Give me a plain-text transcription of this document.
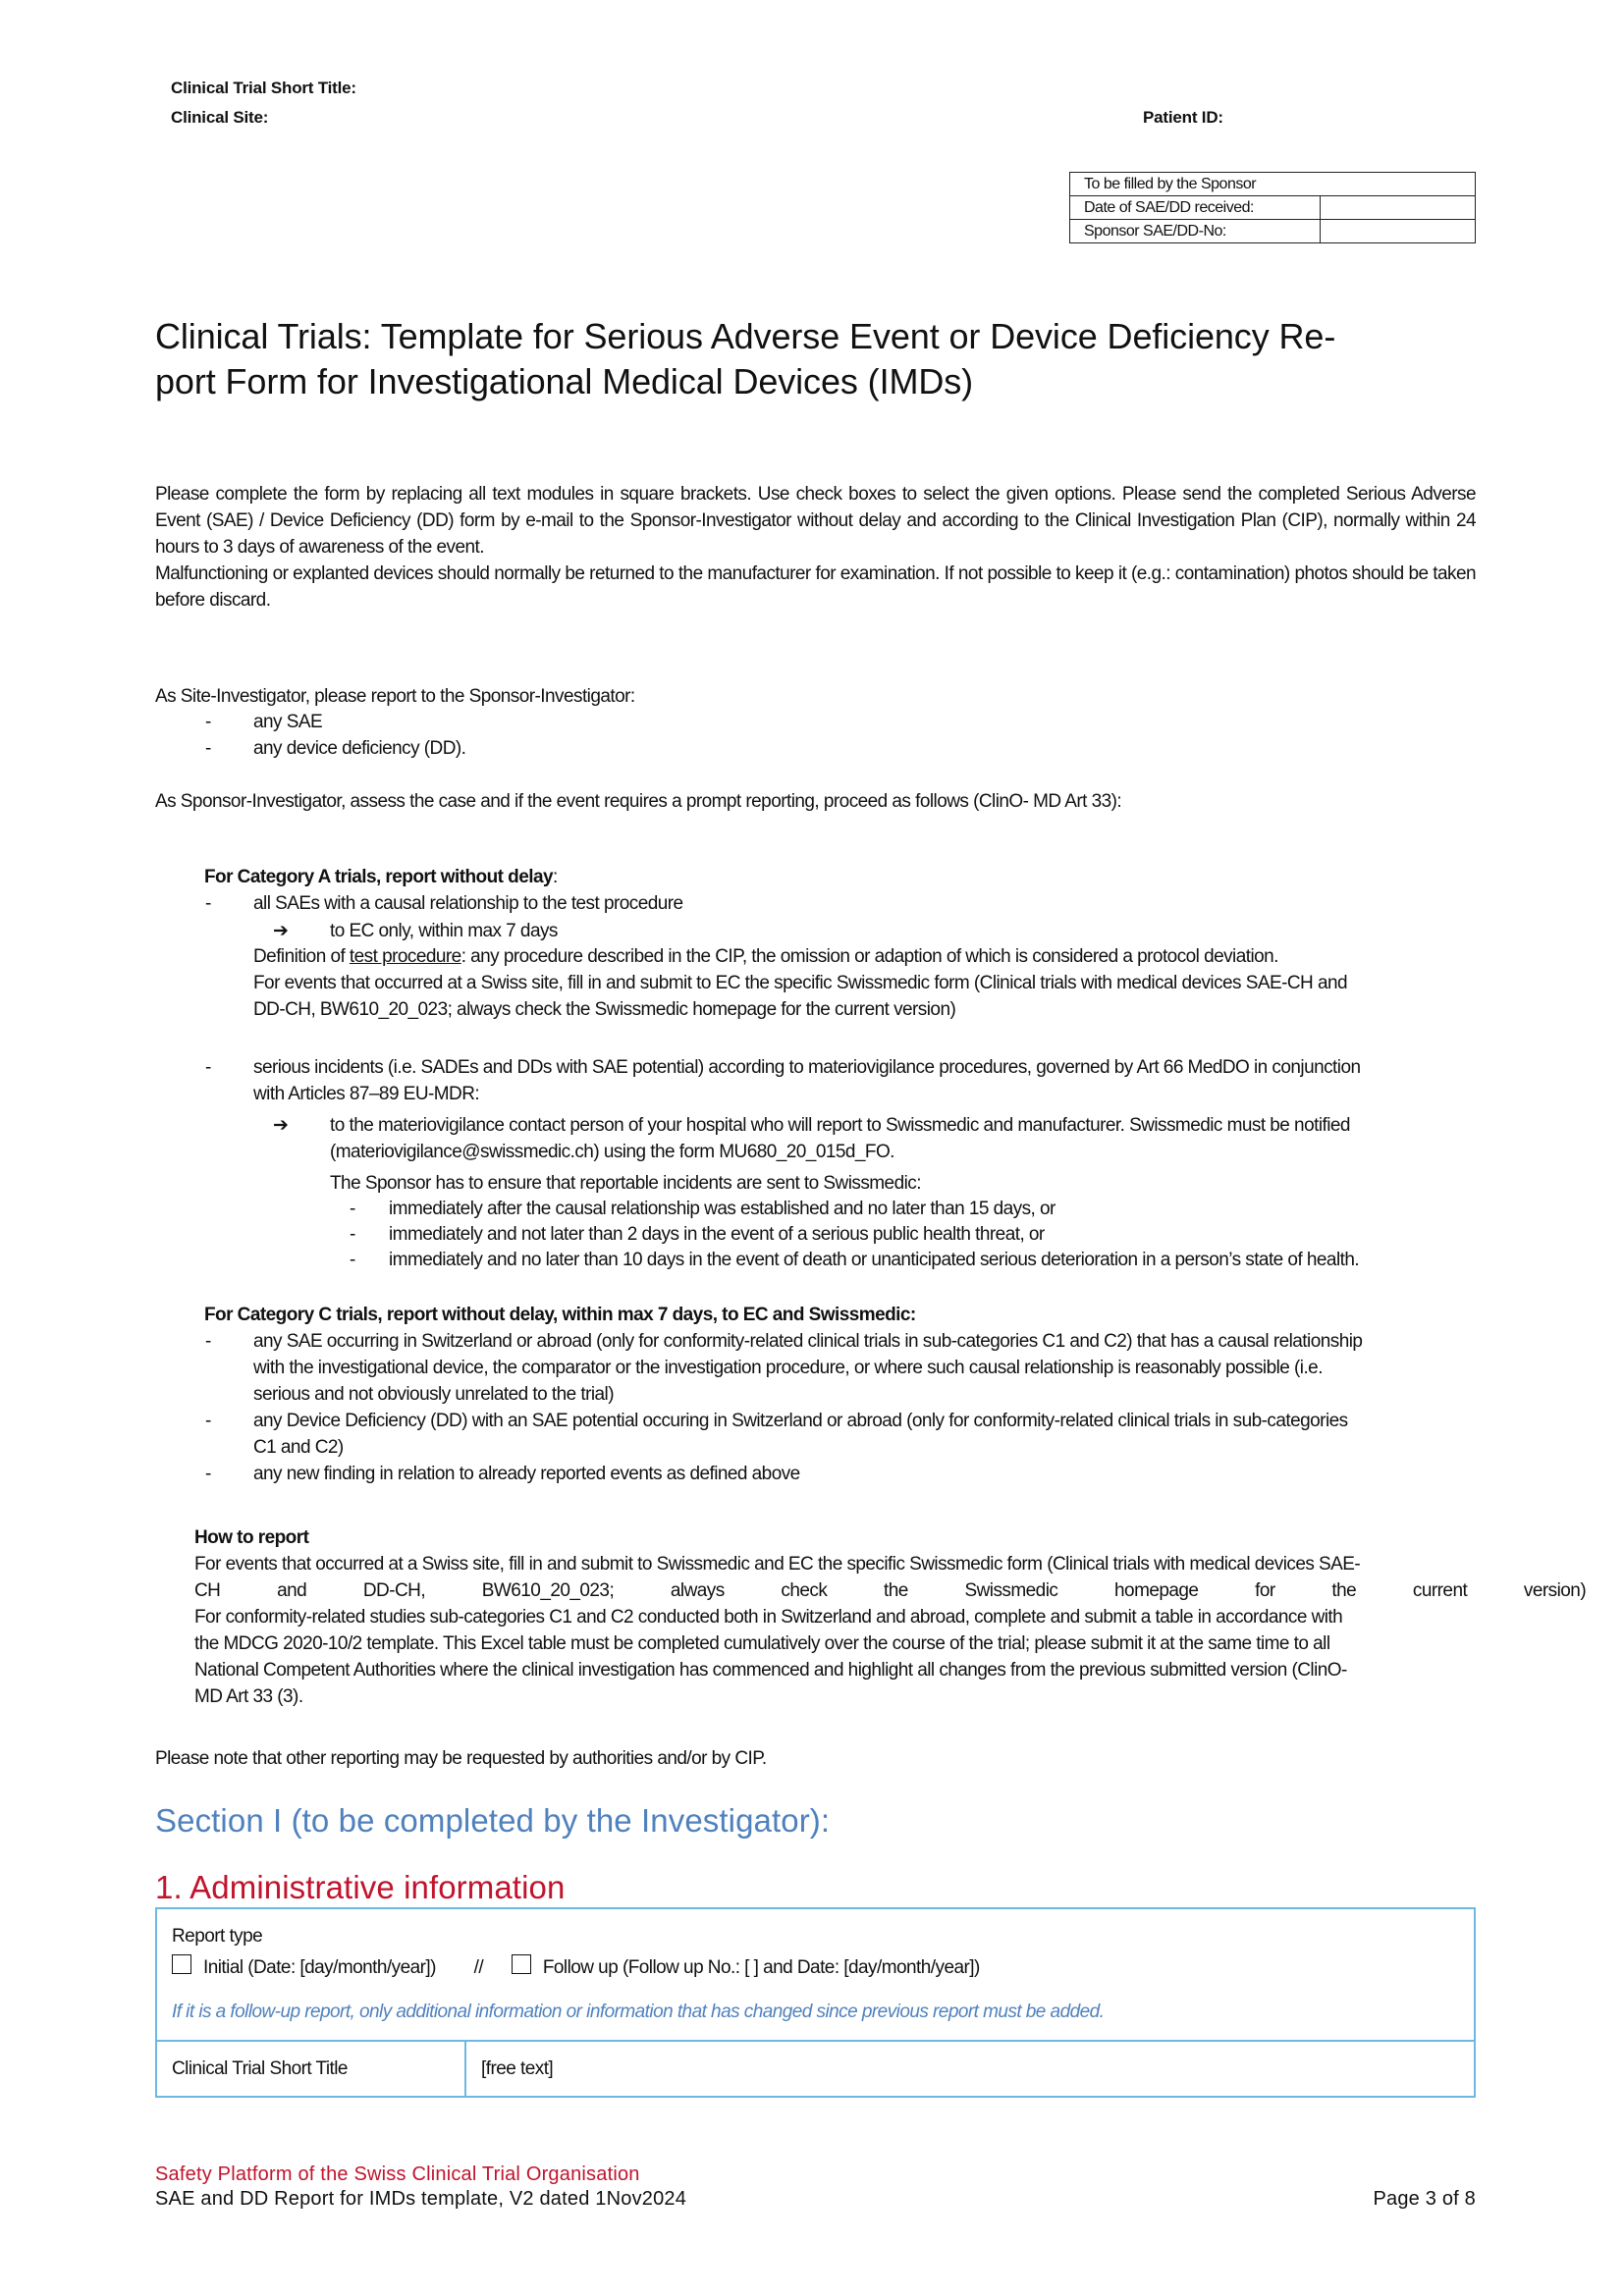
Clinical Trial Short Title:
Clinical Site:	Patient ID:
To be filled by the Sponsor	
Date of SAE/DD received:	
Sponsor SAE/DD-No:	
Clinical Trials: Template for Serious Adverse Event or Device Deficiency Re-
port Form for Investigational Medical Devices (IMDs)

Please complete the form by replacing all text modules in square brackets. Use check boxes to select the given options. Please send the completed Serious Adverse Event (SAE) / Device Deficiency (DD) form by e-mail to the Sponsor-Investigator without delay and according to the Clinical Investigation Plan (CIP), normally within 24 hours to 3 days of awareness of the event.

Malfunctioning or explanted devices should normally be returned to the manufacturer for examination. If not possible to keep it (e.g.: contamination) photos should be taken before discard.

As Site-Investigator, please report to the Sponsor-Investigator:
- any SAE
- any device deficiency (DD).
As Sponsor-Investigator, assess the case and if the event requires a prompt reporting, proceed as follows (ClinO- MD Art 33):
For Category A trials, report without delay:
- all SAEs with a causal relationship to the test procedure
➔ to EC only, within max 7 days
Definition of test procedure: any procedure described in the CIP, the omission or adaption of which is considered a protocol deviation.
For events that occurred at a Swiss site, fill in and submit to EC the specific Swissmedic form (Clinical trials with medical devices SAE-CH and
DD-CH, BW610_20_023; always check the Swissmedic homepage for the current version)
- serious incidents (i.e. SADEs and DDs with SAE potential) according to materiovigilance procedures, governed by Art 66 MedDO in conjunction
with Articles 87–89 EU-MDR:
➔ to the materiovigilance contact person of your hospital who will report to Swissmedic and manufacturer. Swissmedic must be notified
(materiovigilance@swissmedic.ch) using the form MU680_20_015d_FO.
The Sponsor has to ensure that reportable incidents are sent to Swissmedic:
- immediately after the causal relationship was established and no later than 15 days, or
- immediately and not later than 2 days in the event of a serious public health threat, or
- immediately and no later than 10 days in the event of death or unanticipated serious deterioration in a person’s state of health.
For Category C trials, report without delay, within max 7 days, to EC and Swissmedic:
- any SAE occurring in Switzerland or abroad (only for conformity-related clinical trials in sub-categories C1 and C2) that has a causal relationship
with the investigational device, the comparator or the investigation procedure, or where such causal relationship is reasonably possible (i.e.
serious and not obviously unrelated to the trial)
- any Device Deficiency (DD) with an SAE potential occuring in Switzerland or abroad (only for conformity-related clinical trials in sub-categories
C1 and C2)
- any new finding in relation to already reported events as defined above
How to report
For events that occurred at a Swiss site, fill in and submit to Swissmedic and EC the specific Swissmedic form (Clinical trials with medical devices SAE-
CH and DD-CH, BW610_20_023; always check the Swissmedic homepage for the current version)
For conformity-related studies sub-categories C1 and C2 conducted both in Switzerland and abroad, complete and submit a table in accordance with
the MDCG 2020-10/2 template. This Excel table must be completed cumulatively over the course of the trial; please submit it at the same time to all
National Competent Authorities where the clinical investigation has commenced and highlight all changes from the previous submitted version (ClinO-
MD Art 33 (3).
Please note that other reporting may be requested by authorities and/or by CIP.
Section I (to be completed by the Investigator):
1. Administrative information
Report type
Initial (Date: [day/month/year]) //	Follow up (Follow up No.: [ ] and Date: [day/month/year])
If it is a follow-up report, only additional information or information that has changed since previous report must be added.

Clinical Trial Short Title	[free text]
Safety Platform of the Swiss Clinical Trial Organisation
SAE and DD Report for IMDs template, V2 dated 1Nov2024	Page 3 of 8
